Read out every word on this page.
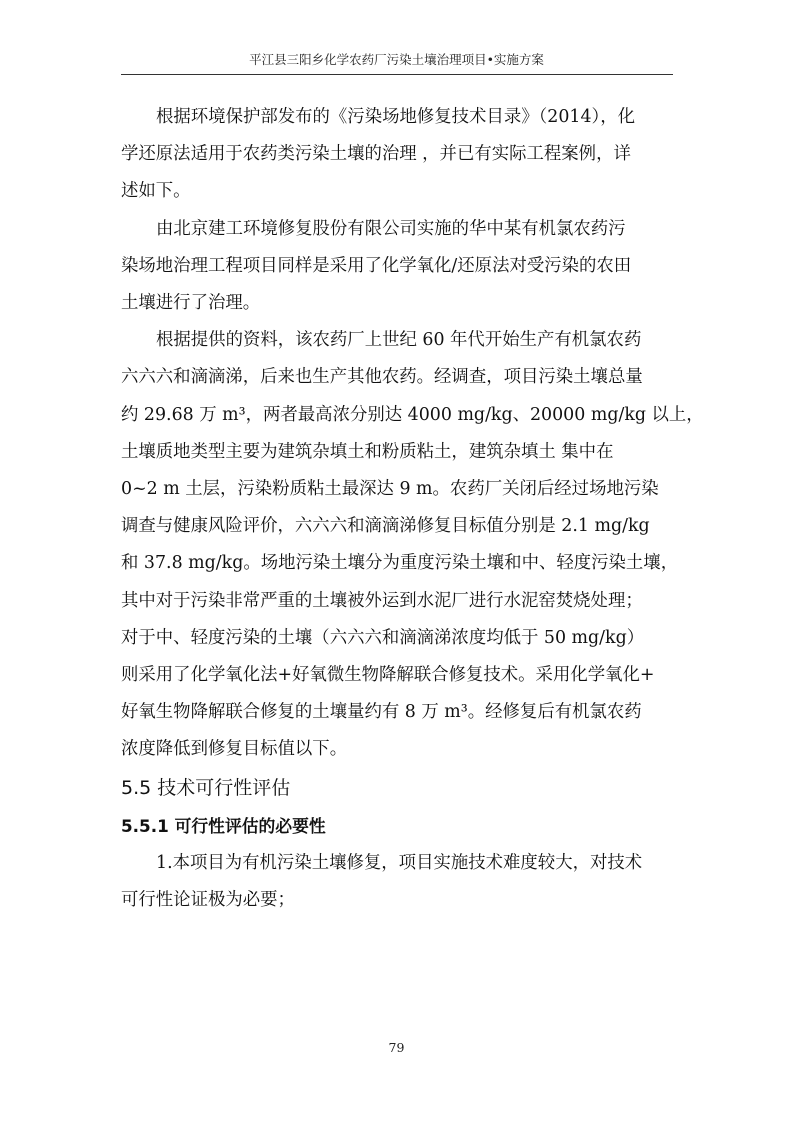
平江县三阳乡化学农药厂污染土壤治理项目•实施方案

根据环境保护部发布的《污染场地修复技术目录》（2014），化
学还原法适用于农药类污染土壤的治理 ，并已有实际工程案例，详
述如下。

由北京建工环境修复股份有限公司实施的华中某有机氯农药污
染场地治理工程项目同样是采用了化学氧化/还原法对受污染的农田
土壤进行了治理。

根据提供的资料，该农药厂上世纪 60 年代开始生产有机氯农药
六六六和滴滴涕，后来也生产其他农药。经调查，项目污染土壤总量
约 29.68 万 m³，两者最高浓分别达 4000 mg/kg、20000 mg/kg 以上，
土壤质地类型主要为建筑杂填土和粉质粘土，建筑杂填土 集中在
0~2 m 土层，污染粉质粘土最深达 9 m。农药厂关闭后经过场地污染
调查与健康风险评价，六六六和滴滴涕修复目标值分别是 2.1 mg/kg
和 37.8 mg/kg。场地污染土壤分为重度污染土壤和中、轻度污染土壤，
其中对于污染非常严重的土壤被外运到水泥厂进行水泥窑焚烧处理；
对于中、轻度污染的土壤（六六六和滴滴涕浓度均低于 50 mg/kg）
则采用了化学氧化法+好氧微生物降解联合修复技术。采用化学氧化+
好氧生物降解联合修复的土壤量约有 8 万 m³。经修复后有机氯农药
浓度降低到修复目标值以下。

5.5 技术可行性评估
5.5.1 可行性评估的必要性

1.本项目为有机污染土壤修复，项目实施技术难度较大，对技术
可行性论证极为必要；

79
